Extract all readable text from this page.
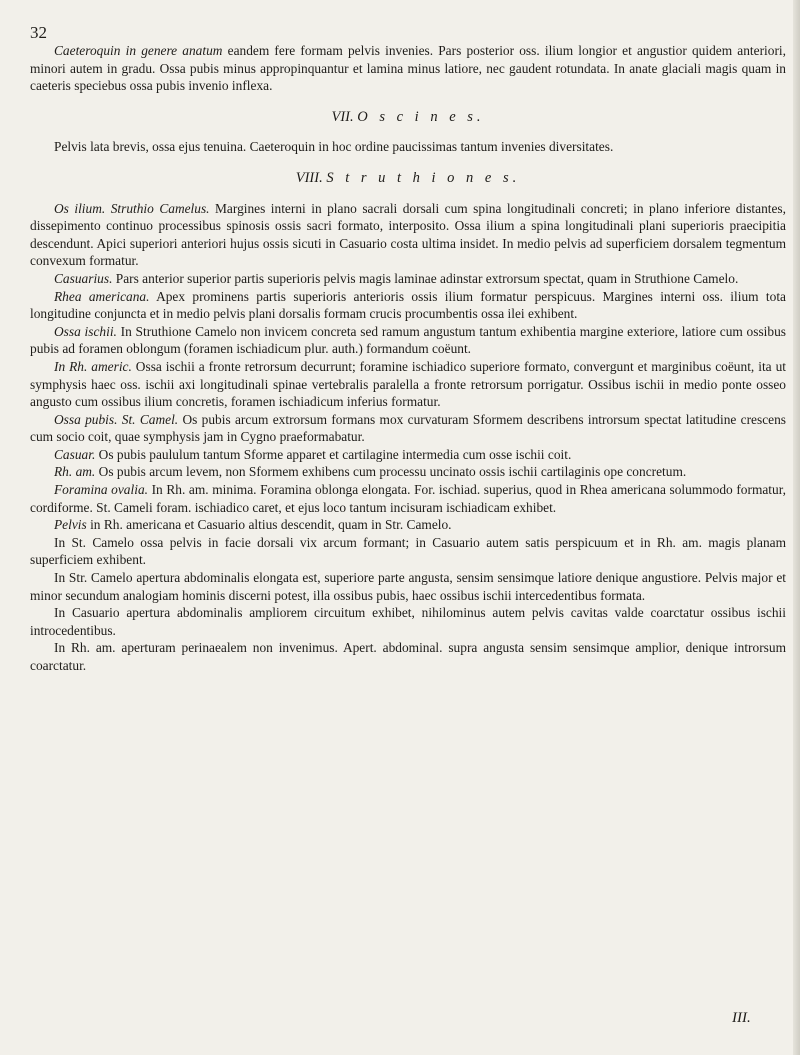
32

Caeteroquin in genere anatum eandem fere formam pelvis invenies. Pars posterior oss. ilium longior et angustior quidem anteriori, minori autem in gradu. Ossa pubis minus appropinquantur et lamina minus latiore, nec gaudent rotundata. In anate glaciali magis quam in caeteris speciebus ossa pubis invenio inflexa.

VII. O s c i n e s.

Pelvis lata brevis, ossa ejus tenuina. Caeteroquin in hoc ordine paucissimas tantum invenies diversitates.

VIII. S t r u t h i o n e s.

Os ilium. Struthio Camelus. Margines interni in plano sacrali dorsali cum spina longitudinali concreti; in plano inferiore distantes, dissepimento continuo processibus spinosis ossis sacri formato, interposito. Ossa ilium a spina longitudinali plani superioris praecipitia descendunt. Apici superiori anteriori hujus ossis sicuti in Casuario costa ultima insidet. In medio pelvis ad superficiem dorsalem tegmentum convexum formatur.

Casuarius. Pars anterior superior partis superioris pelvis magis laminae adinstar extrorsum spectat, quam in Struthione Camelo.

Rhea americana. Apex prominens partis superioris anterioris ossis ilium formatur perspicuus. Margines interni oss. ilium tota longitudine conjuncta et in medio pelvis plani dorsalis formam crucis procumbentis ossa ilei exhibent.

Ossa ischii. In Struthione Camelo non invicem concreta sed ramum angustum tantum exhibentia margine exteriore, latiore cum ossibus pubis ad foramen oblongum (foramen ischiadicum plur. auth.) formandum coëunt.

In Rh. americ. Ossa ischii a fronte retrorsum decurrunt; foramine ischiadico superiore formato, convergunt et marginibus coëunt, ita ut symphysis haec oss. ischii axi longitudinali spinae vertebralis paralella a fronte retrorsum porrigatur. Ossibus ischii in medio ponte osseo angusto cum ossibus ilium concretis, foramen ischiadicum inferius formatur.

Ossa pubis. St. Camel. Os pubis arcum extrorsum formans mox curvaturam Sformem describens introrsum spectat latitudine crescens cum socio coit, quae symphysis jam in Cygno praeformabatur.

Casuar. Os pubis paululum tantum Sforme apparet et cartilagine intermedia cum osse ischii coit.

Rh. am. Os pubis arcum levem, non Sformem exhibens cum processu uncinato ossis ischii cartilaginis ope concretum.

Foramina ovalia. In Rh. am. minima. Foramina oblonga elongata. For. ischiad. superius, quod in Rhea americana solummodo formatur, cordiforme. St. Cameli foram. ischiadico caret, et ejus loco tantum incisuram ischiadicam exhibet.

Pelvis in Rh. americana et Casuario altius descendit, quam in Str. Camelo.

In St. Camelo ossa pelvis in facie dorsali vix arcum formant; in Casuario autem satis perspicuum et in Rh. am. magis planam superficiem exhibent.

In Str. Camelo apertura abdominalis elongata est, superiore parte angusta, sensim sensimque latiore denique angustiore. Pelvis major et minor secundum analogiam hominis discerni potest, illa ossibus pubis, haec ossibus ischii intercedentibus formata.

In Casuario apertura abdominalis ampliorem circuitum exhibet, nihilominus autem pelvis cavitas valde coarctatur ossibus ischii introcedentibus.

In Rh. am. aperturam perinaealem non invenimus. Apert. abdominal. supra angusta sensim sensimque amplior, denique introrsum coarctatur.

III.
